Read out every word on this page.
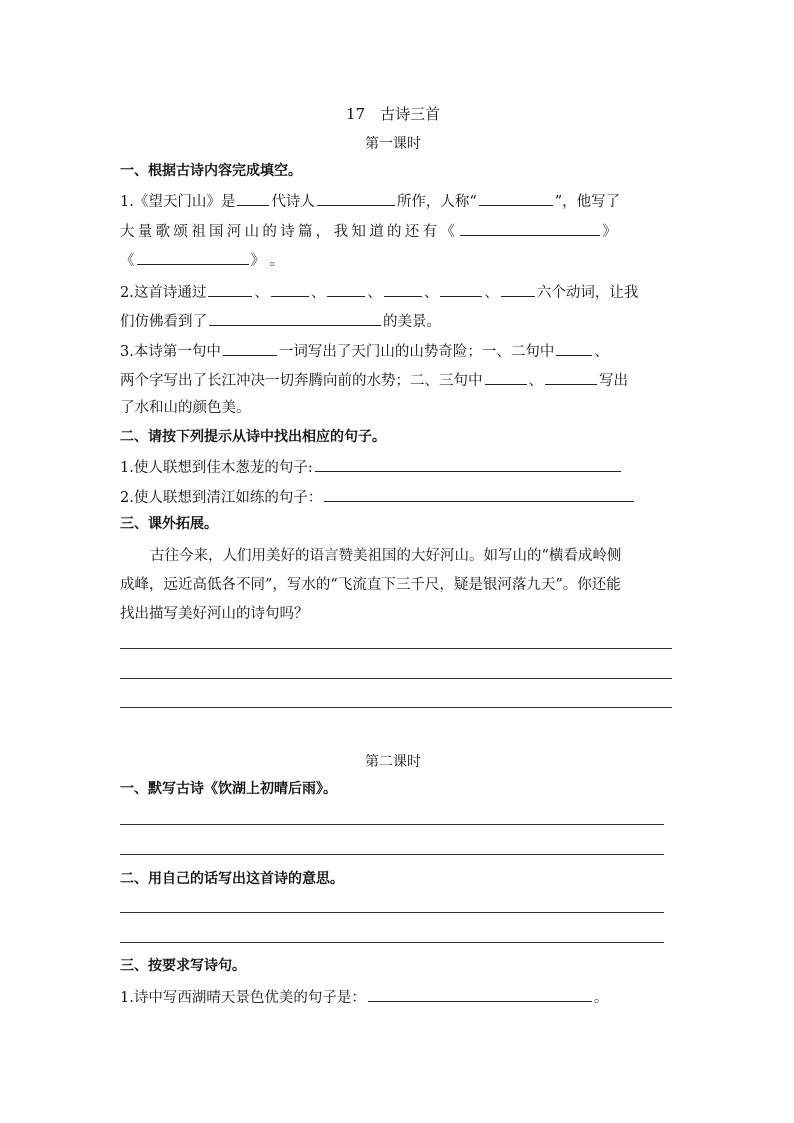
17　古诗三首
第一课时
一、根据古诗内容完成填空。
1.《望天门山》是 代诗人	所作，人称“	”，他写了
大量歌颂祖国河山的诗篇，我知道的还有《	》
《	》 。
2.这首诗通过	、	、	、	、	、	六个动词，让我
们仿佛看到了	的美景。
3.本诗第一句中	一词写出了天门山的山势奇险；一、二句中	、
两个字写出了长江冲决一切奔腾向前的水势；二、三句中	、	写出
了水和山的颜色美。
二、请按下列提示从诗中找出相应的句子。
1.使人联想到佳木葱茏的句子:
2.使人联想到清江如练的句子：
三、课外拓展。
古往今来，人们用美好的语言赞美祖国的大好河山。如写山的“横看成岭侧
成峰，远近高低各不同”，写水的“飞流直下三千尺，疑是银河落九天”。你还能
找出描写美好河山的诗句吗？
第二课时
一、默写古诗《饮湖上初晴后雨》。
二、用自己的话写出这首诗的意思。
三、按要求写诗句。
1.诗中写西湖晴天景色优美的句子是：	。
